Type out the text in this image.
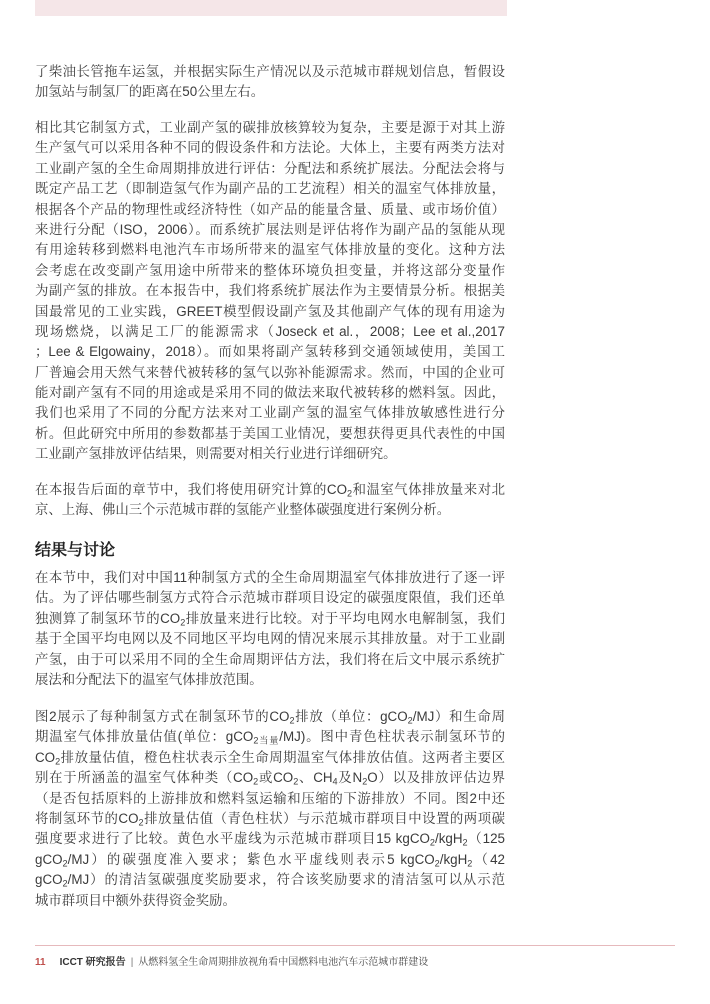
了柴油长管拖车运氢，并根据实际生产情况以及示范城市群规划信息，暂假设
加氢站与制氢厂的距离在50公里左右。
相比其它制氢方式，工业副产氢的碳排放核算较为复杂，主要是源于对其上游
生产氢气可以采用各种不同的假设条件和方法论。大体上，主要有两类方法对
工业副产氢的全生命周期排放进行评估：分配法和系统扩展法。分配法会将与
既定产品工艺（即制造氢气作为副产品的工艺流程）相关的温室气体排放量，
根据各个产品的物理性或经济特性（如产品的能量含量、质量、或市场价值）
来进行分配（ISO，2006）。而系统扩展法则是评估将作为副产品的氢能从现
有用途转移到燃料电池汽车市场所带来的温室气体排放量的变化。这种方法
会考虑在改变副产氢用途中所带来的整体环境负担变量，并将这部分变量作
为副产氢的排放。在本报告中，我们将系统扩展法作为主要情景分析。根据美
国最常见的工业实践，GREET模型假设副产氢及其他副产气体的现有用途为
现场燃烧，以满足工厂的能源需求（Joseck et al.，2008；Lee et al.,2017
；Lee & Elgowainy，2018）。而如果将副产氢转移到交通领域使用，美国工
厂普遍会用天然气来替代被转移的氢气以弥补能源需求。然而，中国的企业可
能对副产氢有不同的用途或是采用不同的做法来取代被转移的燃料氢。因此，
我们也采用了不同的分配方法来对工业副产氢的温室气体排放敏感性进行分
析。但此研究中所用的参数都基于美国工业情况，要想获得更具代表性的中国
工业副产氢排放评估结果，则需要对相关行业进行详细研究。
在本报告后面的章节中，我们将使用研究计算的$CO_2$和温室气体排放量来对北
京、上海、佛山三个示范城市群的氢能产业整体碳强度进行案例分析。
结果与讨论
在本节中，我们对中国11种制氢方式的全生命周期温室气体排放进行了逐一评
估。为了评估哪些制氢方式符合示范城市群项目设定的碳强度限值，我们还单
独测算了制氢环节的$CO_2$排放量来进行比较。对于平均电网水电解制氢，我们
基于全国平均电网以及不同地区平均电网的情况来展示其排放量。对于工业副
产氢，由于可以采用不同的全生命周期评估方法，我们将在后文中展示系统扩
展法和分配法下的温室气体排放范围。
图2展示了每种制氢方式在制氢环节的$CO_2$排放（单位：gCO$_2$/MJ）和生命周
期温室气体排放量估值(单位：gCO$_{2当量}$/MJ)。图中青色柱状表示制氢环节的
$CO_2$排放量估值，橙色柱状表示全生命周期温室气体排放估值。这两者主要区
别在于所涵盖的温室气体种类（$CO_2$或$CO_2$、$CH_4$及$N_2O$）以及排放评估边界
（是否包括原料的上游排放和燃料氢运输和压缩的下游排放）不同。图2中还
将制氢环节的$CO_2$排放量估值（青色柱状）与示范城市群项目中设置的两项碳
强度要求进行了比较。黄色水平虚线为示范城市群项目15 kgCO$_2$/kgH$_2$（125
gCO$_2$/MJ）的碳强度准入要求；紫色水平虚线则表示5 kgCO$_2$/kgH$_2$（42
gCO$_2$/MJ）的清洁氢碳强度奖励要求，符合该奖励要求的清洁氢可以从示范
城市群项目中额外获得资金奖励。
11 ICCT 研究报告 | 从燃料氢全生命周期排放视角看中国燃料电池汽车示范城市群建设
